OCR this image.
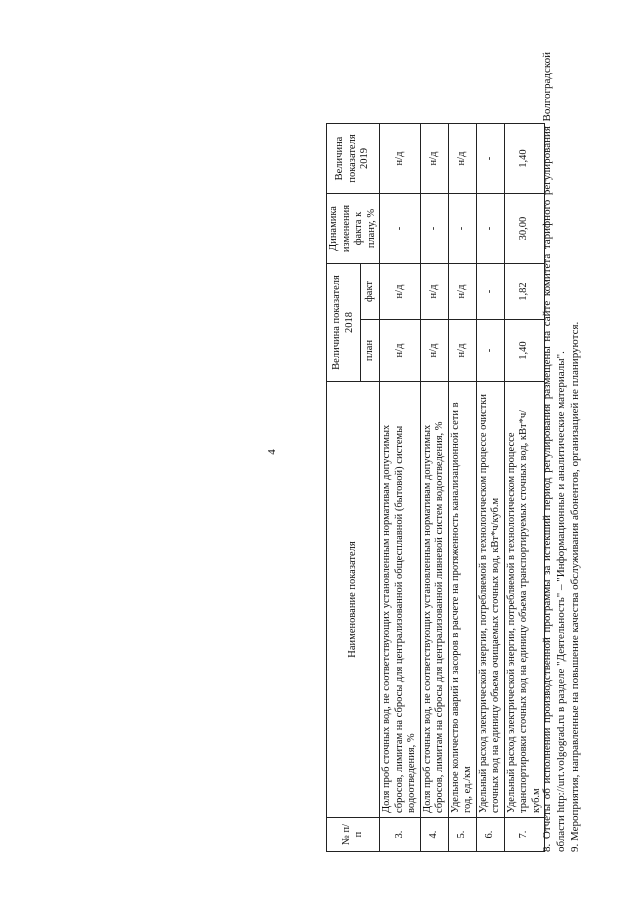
4
№ п/п	Наименование показателя	Величина показателя 2018		Динамика изменения факта к плану, %	Величина показателя 2019
		план	факт		
3.	Доля проб сточных вод, не соответствующих установленным нормативам допустимых сбросов, лимитам на сбросы для централизованной общесплавной (бытовой) системы водоотведения, %	н/д	н/д	-	н/д
4.	Доля проб сточных вод, не соответствующих установленным нормативам допустимых сбросов, лимитам на сбросы для централизованной ливневой систем водоотведения, %	н/д	н/д	-	н/д
5.	Удельное количество аварий и засоров в расчете на протяженность канализационной сети в год, ед./км	н/д	н/д	-	н/д
6.	Удельный расход электрической энергии, потребляемой в технологическом процессе очистки сточных вод на единицу объема очищаемых сточных вод, кВт*ч/куб.м	-	-	-	-
7.	Удельный расход электрической энергии, потребляемой в технологическом процессе транспортировки сточных вод на единицу объема транспортируемых сточных вод, кВт*ч/куб.м	1,40	1,82	30,00	1,40 8. Отчеты об исполнении производственной программы за истекший период регулирования размещены на сайте комитета тарифного регулирования Волгоградской области http://urt.volgograd.ru в разделе "Деятельность" – "Информационные и аналитические материалы". 9. Мероприятия, направленные на повышение качества обслуживания абонентов, организацией не планируются.
